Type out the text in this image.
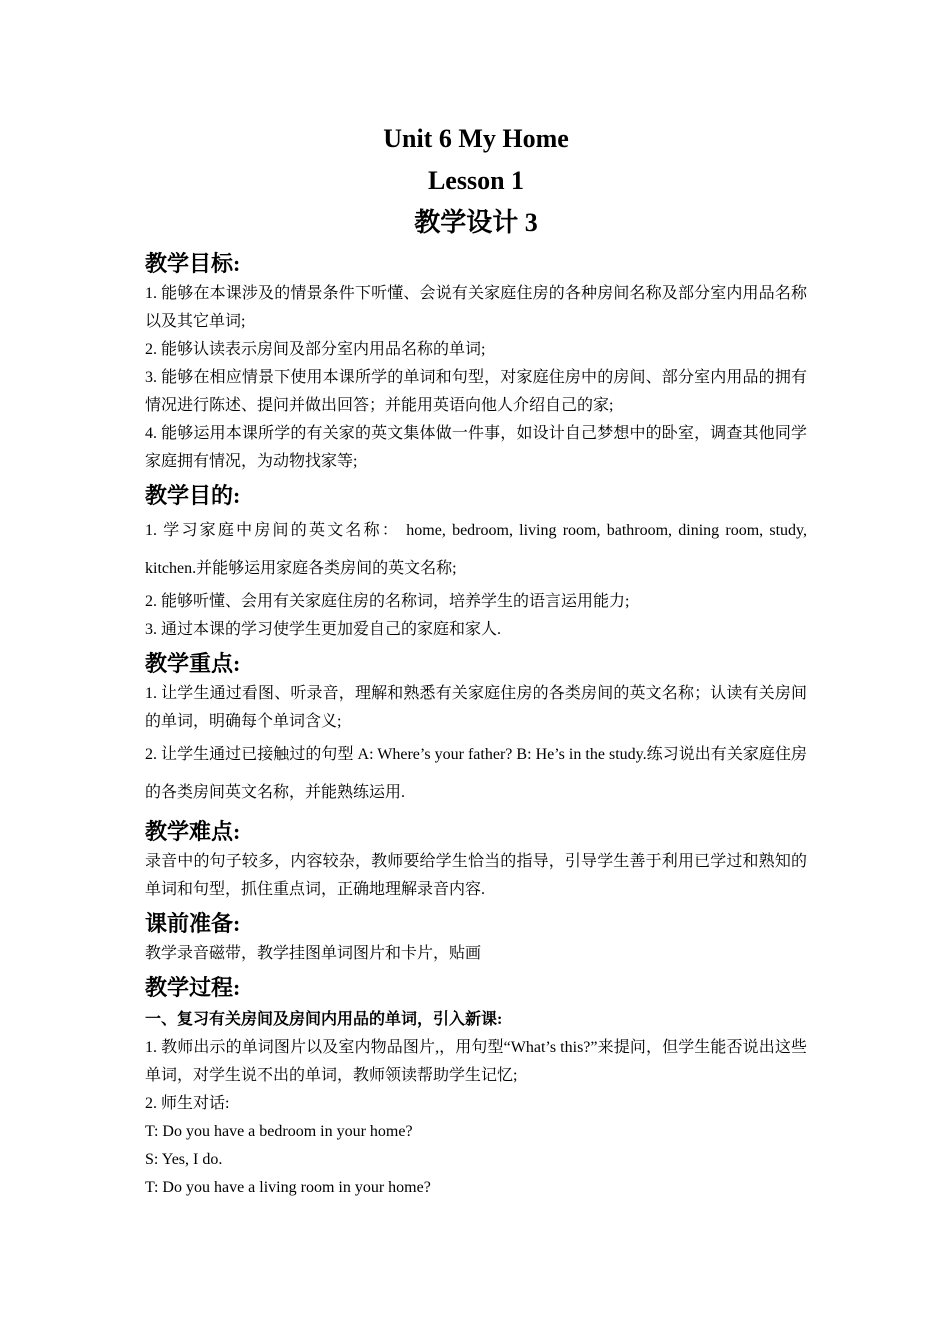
Unit 6 My Home
Lesson 1
教学设计 3
教学目标:
1. 能够在本课涉及的情景条件下听懂、会说有关家庭住房的各种房间名称及部分室内用品名称以及其它单词;
2. 能够认读表示房间及部分室内用品名称的单词;
3. 能够在相应情景下使用本课所学的单词和句型，对家庭住房中的房间、部分室内用品的拥有情况进行陈述、提问并做出回答；并能用英语向他人介绍自己的家;
4. 能够运用本课所学的有关家的英文集体做一件事，如设计自己梦想中的卧室，调查其他同学家庭拥有情况，为动物找家等;
教学目的:
1. 学习家庭中房间的英文名称： home, bedroom, living room, bathroom, dining room, study, kitchen.并能够运用家庭各类房间的英文名称;
2. 能够听懂、会用有关家庭住房的名称词，培养学生的语言运用能力;
3. 通过本课的学习使学生更加爱自己的家庭和家人.
教学重点:
1. 让学生通过看图、听录音，理解和熟悉有关家庭住房的各类房间的英文名称；认读有关房间的单词，明确每个单词含义;
2. 让学生通过已接触过的句型 A: Where’s your father? B: He’s in the study.练习说出有关家庭住房的各类房间英文名称，并能熟练运用.
教学难点:
录音中的句子较多，内容较杂，教师要给学生恰当的指导，引导学生善于利用已学过和熟知的单词和句型，抓住重点词，正确地理解录音内容.
课前准备:
教学录音磁带，教学挂图单词图片和卡片，贴画
教学过程:
一、复习有关房间及房间内用品的单词，引入新课:
1. 教师出示的单词图片以及室内物品图片,，用句型“What’s this?”来提问，但学生能否说出这些单词，对学生说不出的单词，教师领读帮助学生记忆;
2. 师生对话:
T: Do you have a bedroom in your home?
S: Yes, I do.
T: Do you have a living room in your home?
